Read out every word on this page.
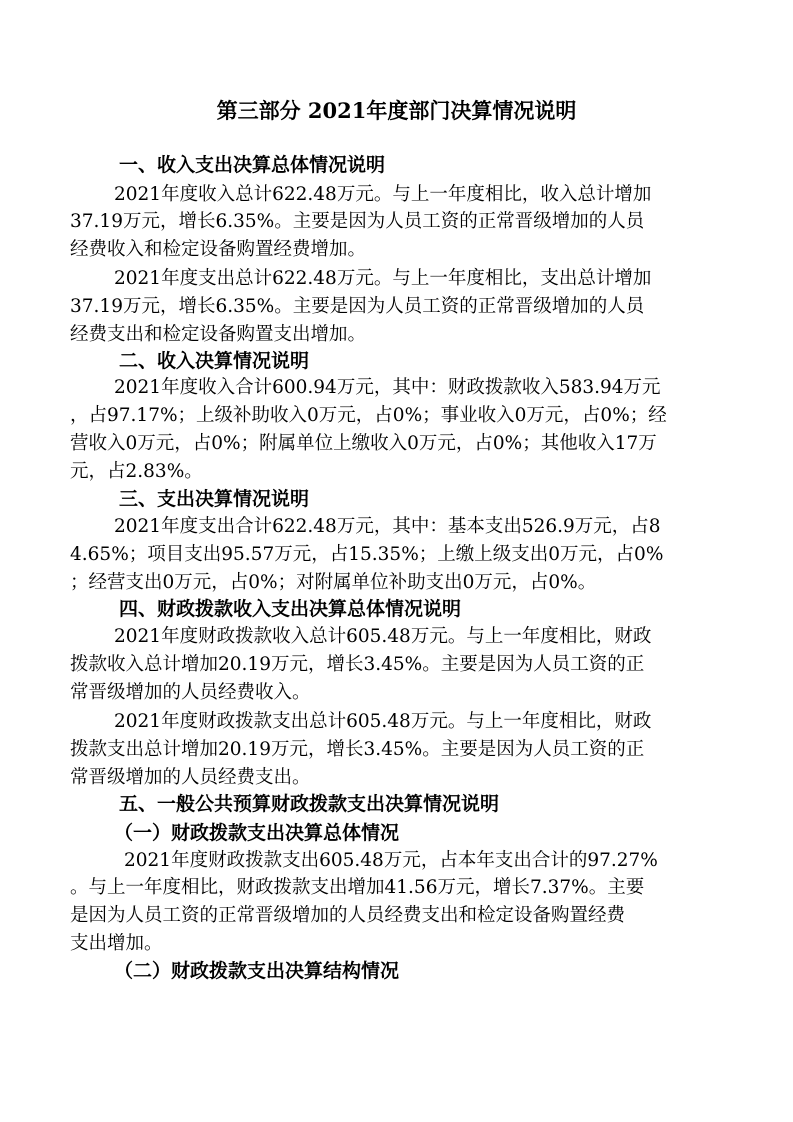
第三部分 2021年度部门决算情况说明
一、收入支出决算总体情况说明
2021年度收入总计622.48万元。与上一年度相比，收入总计增加
37.19万元，增长6.35%。主要是因为人员工资的正常晋级增加的人员
经费收入和检定设备购置经费增加。
2021年度支出总计622.48万元。与上一年度相比，支出总计增加
37.19万元，增长6.35%。主要是因为人员工资的正常晋级增加的人员
经费支出和检定设备购置支出增加。
二、收入决算情况说明
2021年度收入合计600.94万元，其中：财政拨款收入583.94万元
，占97.17%；上级补助收入0万元，占0%；事业收入0万元，占0%；经
营收入0万元，占0%；附属单位上缴收入0万元，占0%；其他收入17万
元，占2.83%。
三、支出决算情况说明
2021年度支出合计622.48万元，其中：基本支出526.9万元，占8
4.65%；项目支出95.57万元，占15.35%；上缴上级支出0万元，占0%
；经营支出0万元，占0%；对附属单位补助支出0万元，占0%。
四、财政拨款收入支出决算总体情况说明
2021年度财政拨款收入总计605.48万元。与上一年度相比，财政
拨款收入总计增加20.19万元，增长3.45%。主要是因为人员工资的正
常晋级增加的人员经费收入。
2021年度财政拨款支出总计605.48万元。与上一年度相比，财政
拨款支出总计增加20.19万元，增长3.45%。主要是因为人员工资的正
常晋级增加的人员经费支出。
五、一般公共预算财政拨款支出决算情况说明
（一）财政拨款支出决算总体情况
2021年度财政拨款支出605.48万元，占本年支出合计的97.27%
。与上一年度相比，财政拨款支出增加41.56万元，增长7.37%。主要
是因为人员工资的正常晋级增加的人员经费支出和检定设备购置经费
支出增加。
（二）财政拨款支出决算结构情况
